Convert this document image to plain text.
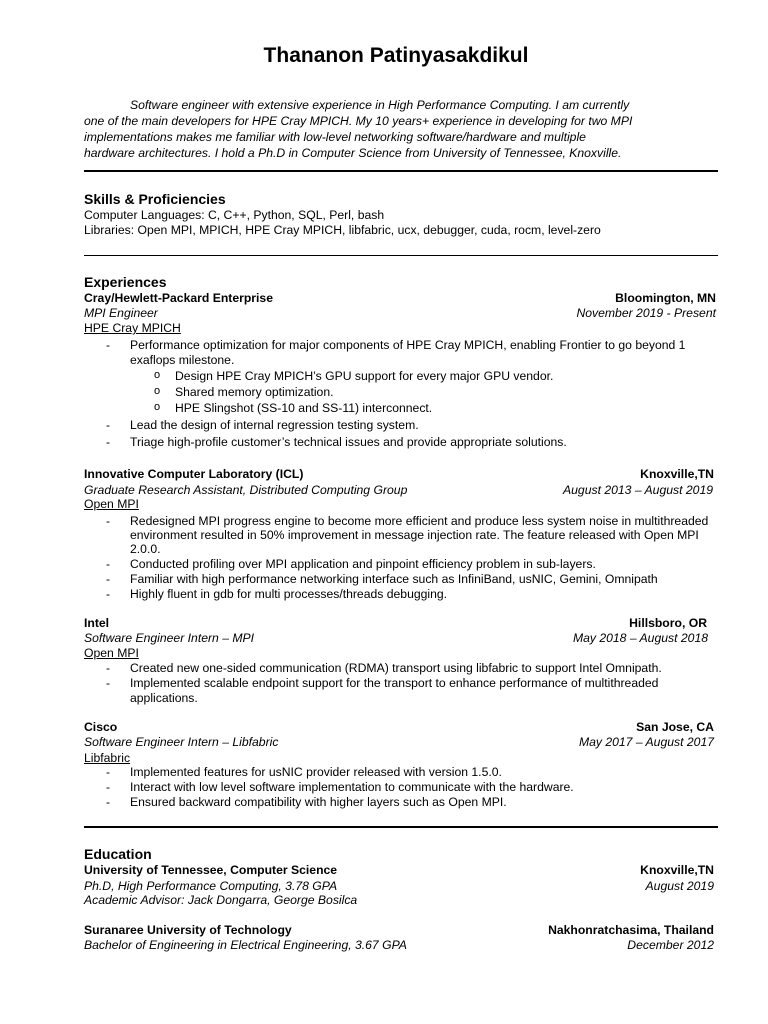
Thananon Patinyasakdikul
Software engineer with extensive experience in High Performance Computing. I am currently
one of the main developers for HPE Cray MPICH. My 10 years+ experience in developing for two MPI
implementations makes me familiar with low-level networking software/hardware and multiple
hardware architectures. I hold a Ph.D in Computer Science from University of Tennessee, Knoxville.
Skills & Proficiencies
Computer Languages: C, C++, Python, SQL, Perl, bash
Libraries: Open MPI, MPICH, HPE Cray MPICH, libfabric, ucx, debugger, cuda, rocm, level-zero
Experiences
Cray/Hewlett-Packard Enterprise	Bloomington, MN
MPI Engineer	November 2019 - Present
HPE Cray MPICH
- Performance optimization for major components of HPE Cray MPICH, enabling Frontier to go beyond 1
exaflops milestone.
o Design HPE Cray MPICH’s GPU support for every major GPU vendor.
o Shared memory optimization.
o HPE Slingshot (SS-10 and SS-11) interconnect.
- Lead the design of internal regression testing system.
- Triage high-profile customer’s technical issues and provide appropriate solutions.
Innovative Computer Laboratory (ICL)	Knoxville,TN
Graduate Research Assistant, Distributed Computing Group	August 2013 – August 2019
Open MPI
- Redesigned MPI progress engine to become more efficient and produce less system noise in multithreaded
environment resulted in 50% improvement in message injection rate. The feature released with Open MPI
2.0.0.
- Conducted profiling over MPI application and pinpoint efficiency problem in sub-layers.
- Familiar with high performance networking interface such as InfiniBand, usNIC, Gemini, Omnipath
- Highly fluent in gdb for multi processes/threads debugging.
Intel	Hillsboro, OR
Software Engineer Intern – MPI	May 2018 – August 2018
Open MPI
- Created new one-sided communication (RDMA) transport using libfabric to support Intel Omnipath.
- Implemented scalable endpoint support for the transport to enhance performance of multithreaded
applications.
Cisco	San Jose, CA
Software Engineer Intern – Libfabric	May 2017 – August 2017
Libfabric
- Implemented features for usNIC provider released with version 1.5.0.
- Interact with low level software implementation to communicate with the hardware.
- Ensured backward compatibility with higher layers such as Open MPI.
Education
University of Tennessee, Computer Science	Knoxville,TN
Ph.D, High Performance Computing, 3.78 GPA	August 2019
Academic Advisor: Jack Dongarra, George Bosilca
Suranaree University of Technology	Nakhonratchasima, Thailand
Bachelor of Engineering in Electrical Engineering, 3.67 GPA	December 2012
